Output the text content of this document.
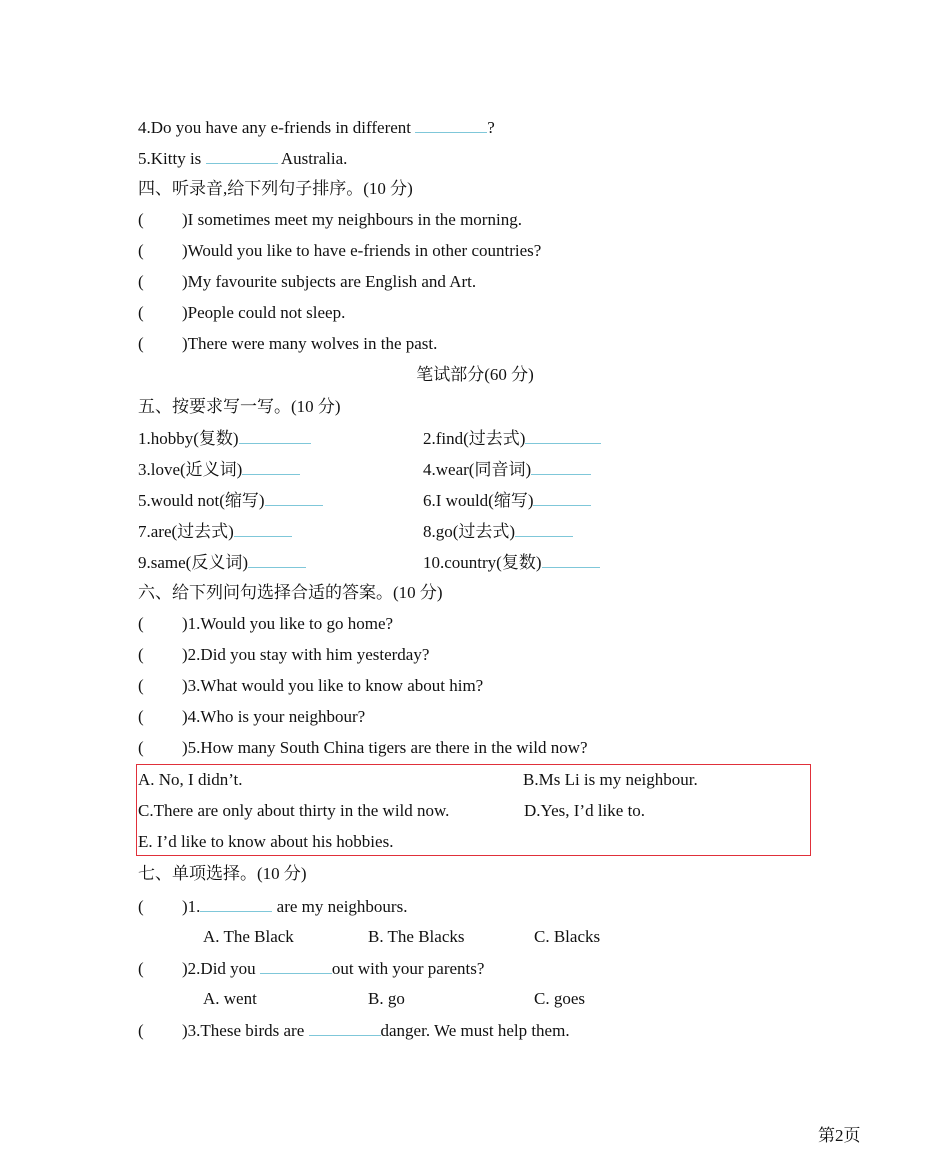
4.Do you have any e-friends in different	?
5.Kitty is	Australia.
四、听录音,给下列句子排序。(10 分)
( )I sometimes meet my neighbours in the morning.
( )Would you like to have e-friends in other countries?
( )My favourite subjects are English and Art.
( )People could not sleep.
( )There were many wolves in the past.
笔试部分(60 分)
五、按要求写一写。(10 分)
1.hobby(复数)	2.find(过去式)
3.love(近义词)	4.wear(同音词)
5.would not(缩写)	6.I would(缩写)
7.are(过去式)	8.go(过去式)
9.same(反义词)	10.country(复数)
六、给下列问句选择合适的答案。(10 分)
( )1.Would you like to go home?
( )2.Did you stay with him yesterday?
( )3.What would you like to know about him?
( )4.Who is your neighbour?
( )5.How many South China tigers are there in the wild now?
A. No, I didn’t.	B.Ms Li is my neighbour.
C.There are only about thirty in the wild now.	D.Yes, I’d like to.
E. I’d like to know about his hobbies.
七、单项选择。(10 分)
( )1.	are my neighbours.
A. The Black	B. The Blacks	C. Blacks
( )2.Did you	out with your parents?
A. went	B. go	C. goes
( )3.These birds are	danger. We must help them.
第2页
